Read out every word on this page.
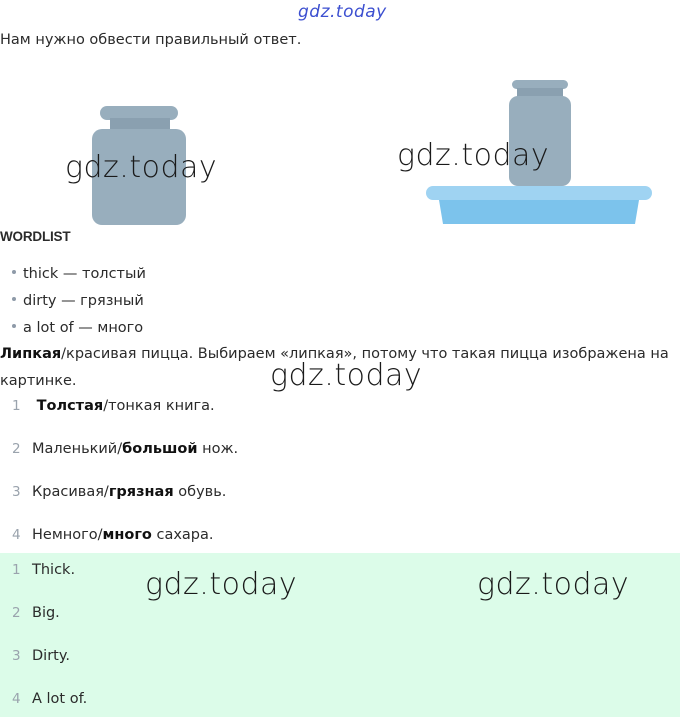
gdz.today
Нам нужно обвести правильный ответ.
gdz.today	gdz.today
WORDLIST
thick — толстый
dirty — грязный
a lot of — много
Липкая/красивая пицца. Выбираем «липкая», потому что такая пицца изображена на
картинке.	gdz.today
1	Толстая/тонкая книга.
2 Маленький/большой нож.
3 Красивая/грязная обувь.
4 Немного/много сахара.
1 Thick.
2 Big.
3 Dirty.
4 A lot of.
gdz.today	gdz.today
